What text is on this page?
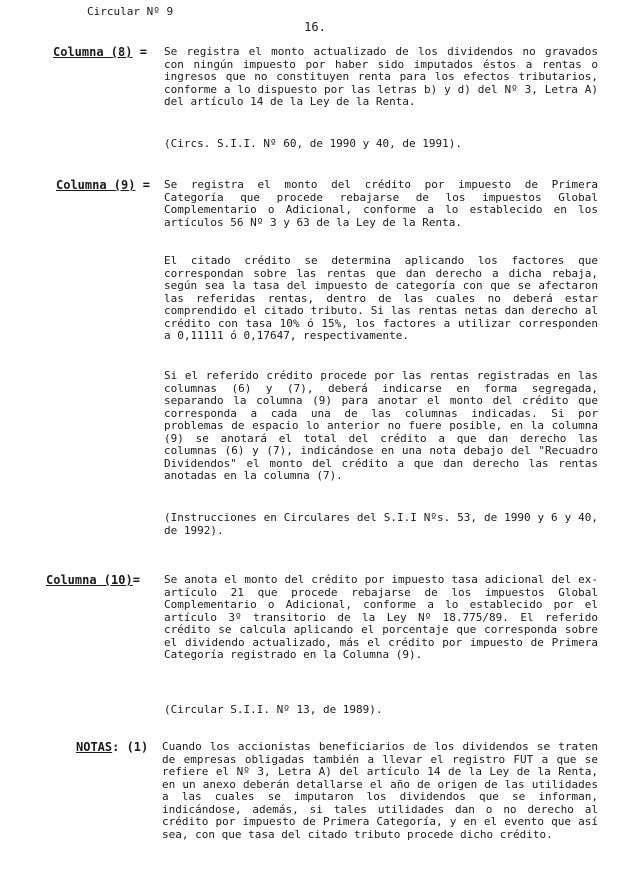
Circular Nº 9
16.
Columna (8) = Se registra el monto actualizado de los dividendos no gravados con ningún impuesto por haber sido imputados éstos a rentas o ingresos que no constituyen renta para los efectos tributarios, conforme a lo dispuesto por las letras b) y d) del Nº 3, Letra A) del artículo 14 de la Ley de la Renta.

(Circs. S.I.I. Nº 60, de 1990 y 40, de 1991).

Columna (9) = Se registra el monto del crédito por impuesto de Primera Categoría que procede rebajarse de los impuestos Global Complementario o Adicional, conforme a lo establecido en los artículos 56 Nº 3 y 63 de la Ley de la Renta.

El citado crédito se determina aplicando los factores que correspondan sobre las rentas que dan derecho a dicha rebaja, según sea la tasa del impuesto de categoría con que se afectaron las referidas rentas, dentro de las cuales no deberá estar comprendido el citado tributo. Si las rentas netas dan derecho al crédito con tasa 10% ó 15%, los factores a utilizar corresponden a 0,11111 ó 0,17647, respectivamente.

Si el referido crédito procede por las rentas registradas en las columnas (6) y (7), deberá indicarse en forma segregada, separando la columna (9) para anotar el monto del crédito que corresponda a cada una de las columnas indicadas. Si por problemas de espacio lo anterior no fuere posible, en la columna (9) se anotará el total del crédito a que dan derecho las columnas (6) y (7), indicándose en una nota debajo del "Recuadro Dividendos" el monto del crédito a que dan derecho las rentas anotadas en la columna (7).

(Instrucciones en Circulares del S.I.I Nºs. 53, de 1990 y 6 y 40, de 1992).

Columna (10)= Se anota el monto del crédito por impuesto tasa adicional del ex-artículo 21 que procede rebajarse de los impuestos Global Complementario o Adicional, conforme a lo establecido por el artículo 3º transitorio de la Ley Nº 18.775/89. El referido crédito se calcula aplicando el porcentaje que corresponda sobre el dividendo actualizado, más el crédito por impuesto de Primera Categoría registrado en la Columna (9).

(Circular S.I.I. Nº 13, de 1989).

NOTAS: (1) Cuando los accionistas beneficiarios de los dividendos se traten de empresas obligadas también a llevar el registro FUT a que se refiere el Nº 3, Letra A) del artículo 14 de la Ley de la Renta, en un anexo deberán detallarse el año de origen de las utilidades a las cuales se imputaron los dividendos que se informan, indicándose, además, si tales utilidades dan o no derecho al crédito por impuesto de Primera Categoría, y en el evento que así sea, con que tasa del citado tributo procede dicho crédito.
